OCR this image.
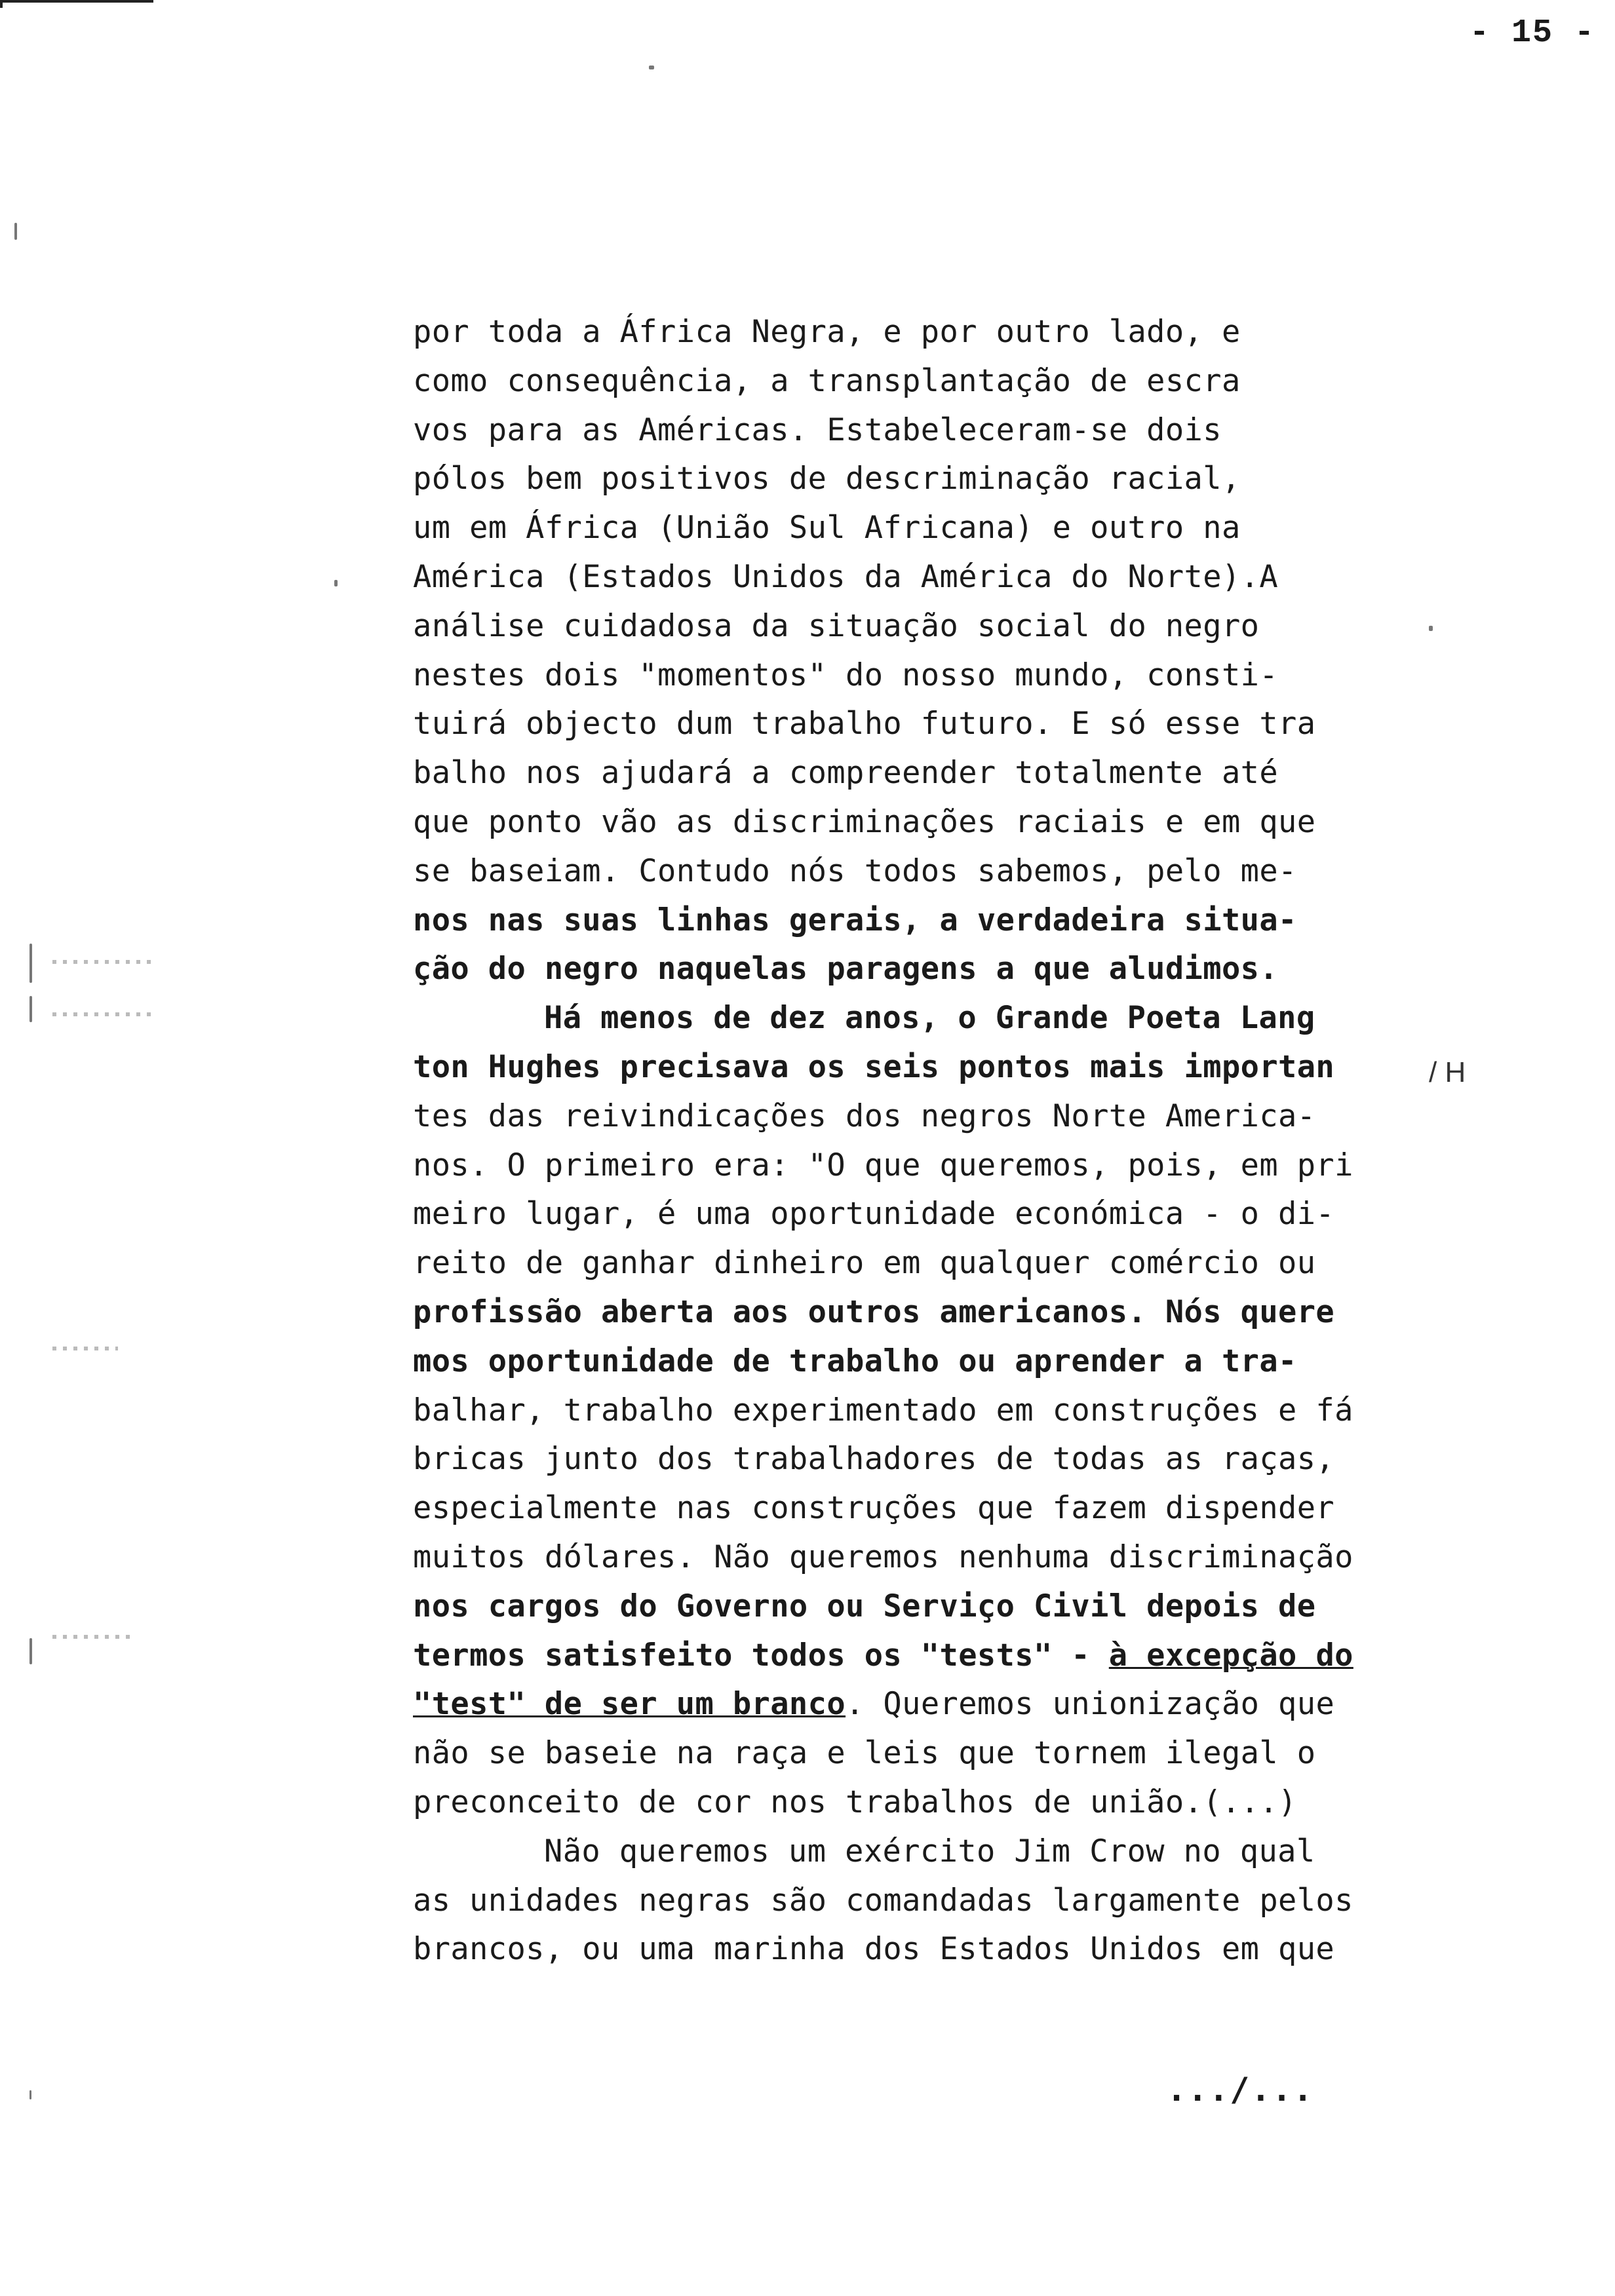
- 15 -
por toda a África Negra, e por outro lado, e
como consequência, a transplantação de escra
vos para as Américas. Estabeleceram-se dois
pólos bem positivos de descriminação racial,
um em África (União Sul Africana) e outro na
América (Estados Unidos da América do Norte).A
análise cuidadosa da situação social do negro
nestes dois "momentos" do nosso mundo, consti-
tuirá objecto dum trabalho futuro. E só esse tra
balho nos ajudará a compreender totalmente até
que ponto vão as discriminações raciais e em que
se baseiam. Contudo nós todos sabemos, pelo me-
nos nas suas linhas gerais, a verdadeira situa-
ção do negro naquelas paragens a que aludimos.
Há menos de dez anos, o Grande Poeta Lang
ton Hughes precisava os seis pontos mais importan
tes das reivindicações dos negros Norte America-
nos. O primeiro era: "O que queremos, pois, em pri
meiro lugar, é uma oportunidade económica - o di-
reito de ganhar dinheiro em qualquer comércio ou
profissão aberta aos outros americanos. Nós quere
mos oportunidade de trabalho ou aprender a tra-
balhar, trabalho experimentado em construções e fá
bricas junto dos trabalhadores de todas as raças,
especialmente nas construções que fazem dispender
muitos dólares. Não queremos nenhuma discriminação
nos cargos do Governo ou Serviço Civil depois de
termos satisfeito todos os "tests" - à excepção do
"test" de ser um branco. Queremos unionização que
não se baseie na raça e leis que tornem ilegal o
preconceito de cor nos trabalhos de união.(...)
Não queremos um exército Jim Crow no qual
as unidades negras são comandadas largamente pelos
brancos, ou uma marinha dos Estados Unidos em que
/ H
.../...
